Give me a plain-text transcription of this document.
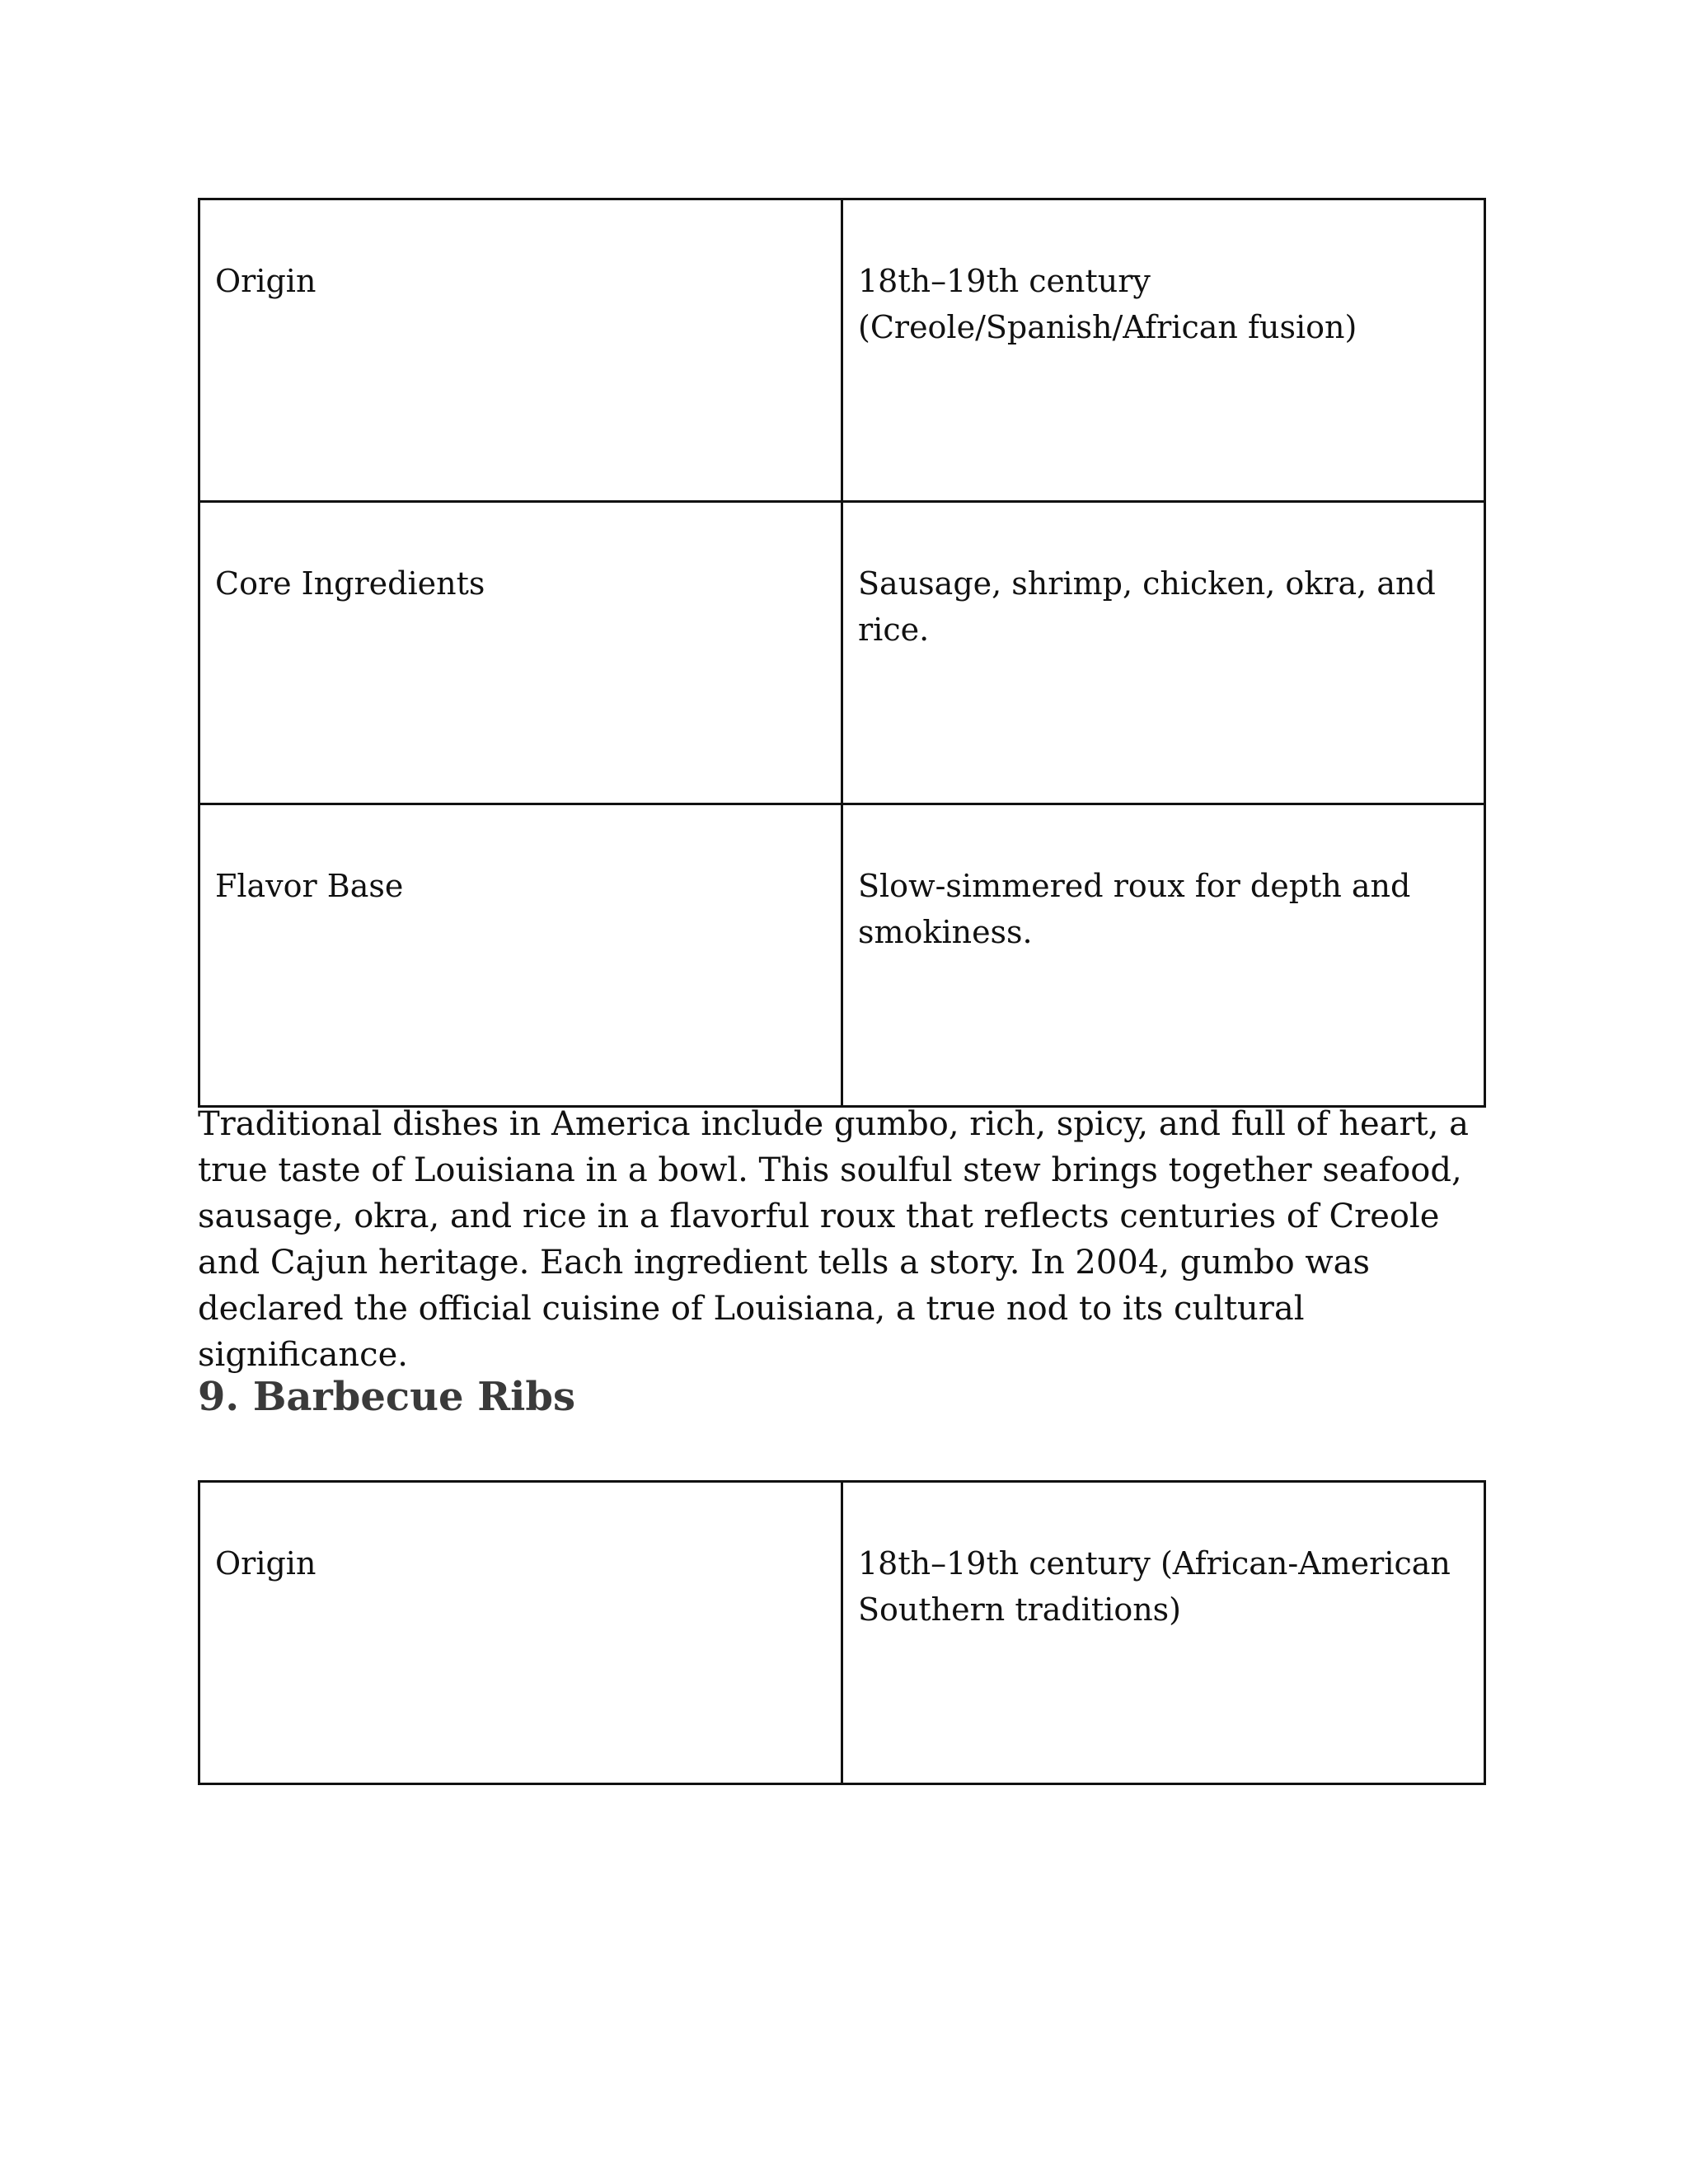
Origin	18th–19th century
(Creole/Spanish/African fusion)
Core Ingredients	Sausage, shrimp, chicken, okra, and
rice.
Flavor Base	Slow-simmered roux for depth and
smokiness.

Traditional dishes in America include gumbo, rich, spicy, and full of heart, a true taste of Louisiana in a bowl. This soulful stew brings together seafood, sausage, okra, and rice in a flavorful roux that reflects centuries of Creole and Cajun heritage. Each ingredient tells a story. In 2004, gumbo was declared the official cuisine of Louisiana, a true nod to its cultural significance.

9. Barbecue Ribs
Origin	18th–19th century (African-American
Southern traditions)
